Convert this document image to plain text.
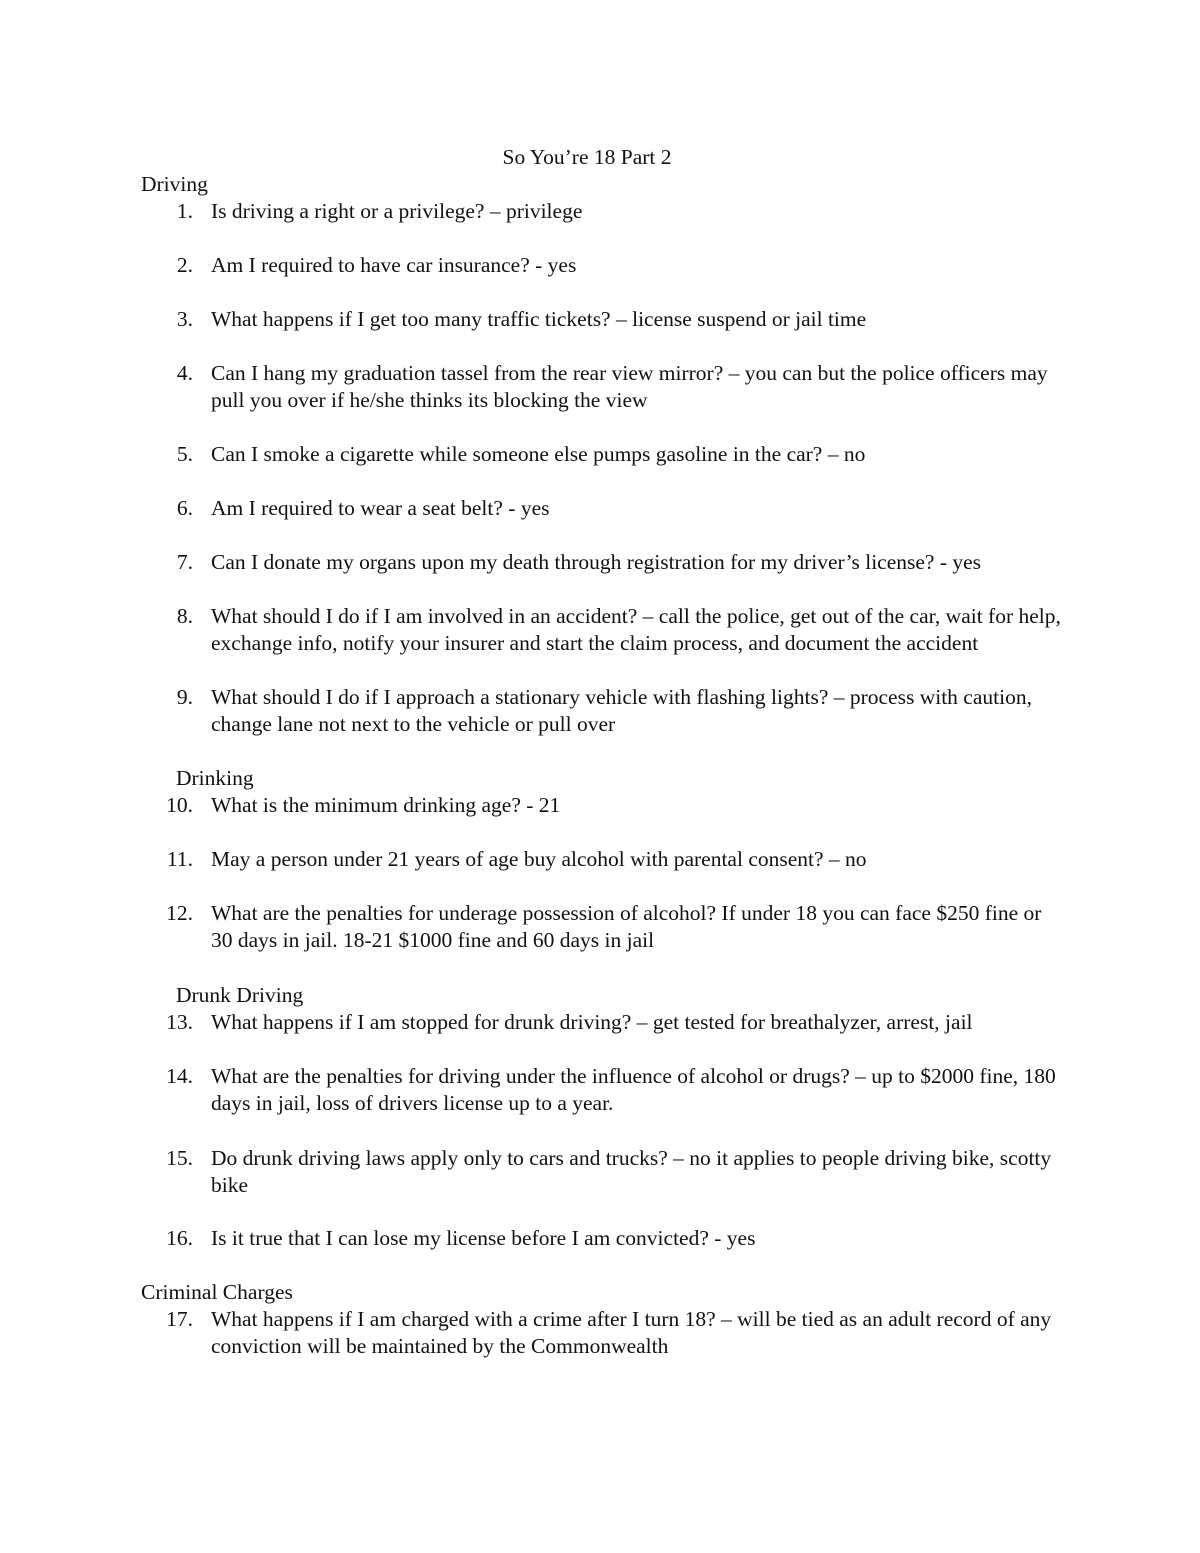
So You’re 18 Part 2
Driving
1. Is driving a right or a privilege? – privilege
2. Am I required to have car insurance? - yes
3. What happens if I get too many traffic tickets? – license suspend or jail time
4. Can I hang my graduation tassel from the rear view mirror? – you can but the police officers may pull you over if he/she thinks its blocking the view
5. Can I smoke a cigarette while someone else pumps gasoline in the car? – no
6. Am I required to wear a seat belt? - yes
7. Can I donate my organs upon my death through registration for my driver’s license? - yes
8. What should I do if I am involved in an accident? – call the police, get out of the car, wait for help, exchange info, notify your insurer and start the claim process, and document the accident
9. What should I do if I approach a stationary vehicle with flashing lights? – process with caution, change lane not next to the vehicle or pull over
Drinking
10. What is the minimum drinking age? - 21
11. May a person under 21 years of age buy alcohol with parental consent? – no
12. What are the penalties for underage possession of alcohol? If under 18 you can face $250 fine or 30 days in jail. 18-21 $1000 fine and 60 days in jail
Drunk Driving
13. What happens if I am stopped for drunk driving? – get tested for breathalyzer, arrest, jail
14. What are the penalties for driving under the influence of alcohol or drugs? – up to $2000 fine, 180 days in jail, loss of drivers license up to a year.
15. Do drunk driving laws apply only to cars and trucks? – no it applies to people driving bike, scotty bike
16. Is it true that I can lose my license before I am convicted? - yes
Criminal Charges
17. What happens if I am charged with a crime after I turn 18? – will be tied as an adult record of any conviction will be maintained by the Commonwealth
